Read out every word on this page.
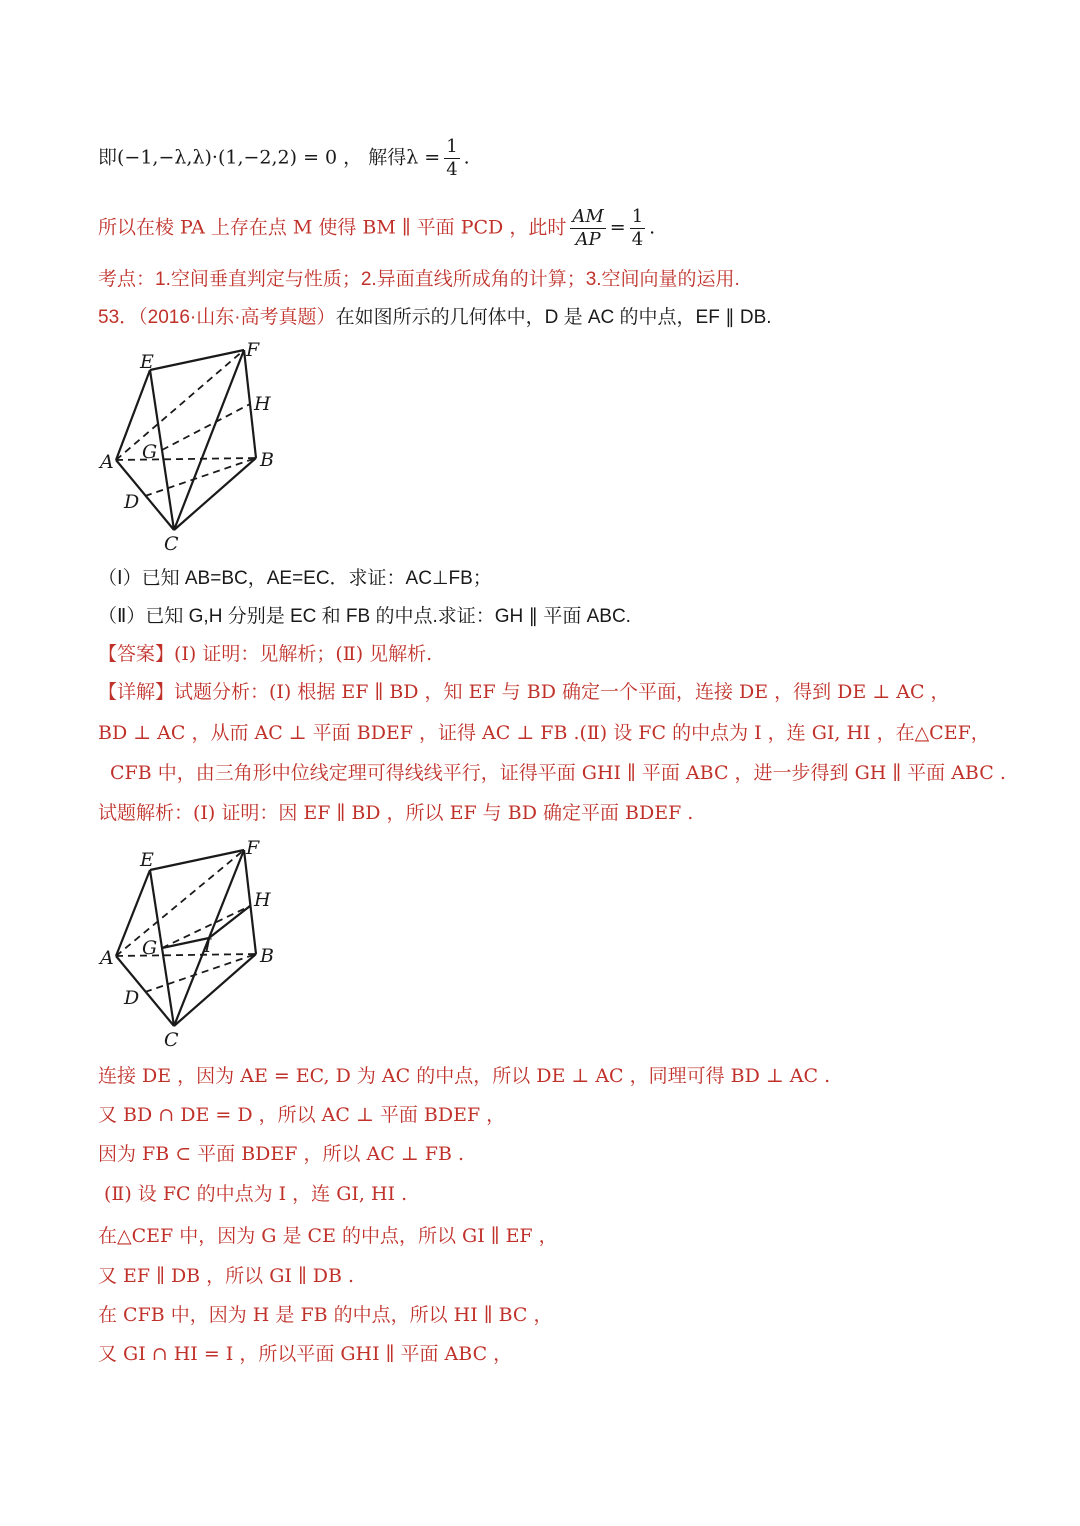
即(−1,−λ,λ)·(1,−2,2) = 0 ， 解得$\lambda = \frac{1}{4}$ .
所以在棱 PA 上存在点 M 使得 BM ∥ 平面 PCD ，此时 $\frac{AM}{AP} = \frac{1}{4}$ .
考点：1.空间垂直判定与性质；2.异面直线所成角的计算；3.空间向量的运用.
53．（2016·山东·高考真题）在如图所示的几何体中，D 是 AC 的中点，EF ∥ DB.
E
F
H
A G	B
D
C
（Ⅰ）已知 AB=BC，AE=EC．求证：AC⊥FB；
（Ⅱ）已知 G,H 分别是 EC 和 FB 的中点.求证：GH ∥ 平面 ABC.
【答案】(Ⅰ) 证明：见解析；(Ⅱ) 见解析.
【详解】试题分析：(Ⅰ) 根据 EF ∥ BD ，知 EF 与 BD 确定一个平面，连接 DE ，得到 DE ⊥ AC ，
BD ⊥ AC ，从而 AC ⊥ 平面 BDEF ，证得 AC ⊥ FB .(Ⅱ) 设 FC 的中点为 I ，连 GI, HI ，在△CEF，
CFB 中，由三角形中位线定理可得线线平行，证得平面 GHI ∥ 平面 ABC ，进一步得到 GH ∥ 平面 ABC .
试题解析：(Ⅰ) 证明：因 EF ∥ BD ，所以 EF 与 BD 确定平面 BDEF .
E
F
H
A G I	B
D
C
连接 DE ，因为 AE = EC, D 为 AC 的中点，所以 DE ⊥ AC ，同理可得 BD ⊥ AC .
又 BD ∩ DE = D ，所以 AC ⊥ 平面 BDEF ，
因为 FB ⊂ 平面 BDEF ，所以 AC ⊥ FB .
(Ⅱ) 设 FC 的中点为 I ，连 GI, HI .
在△CEF 中，因为 G 是 CE 的中点，所以 GI ∥ EF ，
又 EF ∥ DB ，所以 GI ∥ DB .
在 CFB 中，因为 H 是 FB 的中点，所以 HI ∥ BC ，
又 GI ∩ HI = I ，所以平面 GHI ∥ 平面 ABC ，
